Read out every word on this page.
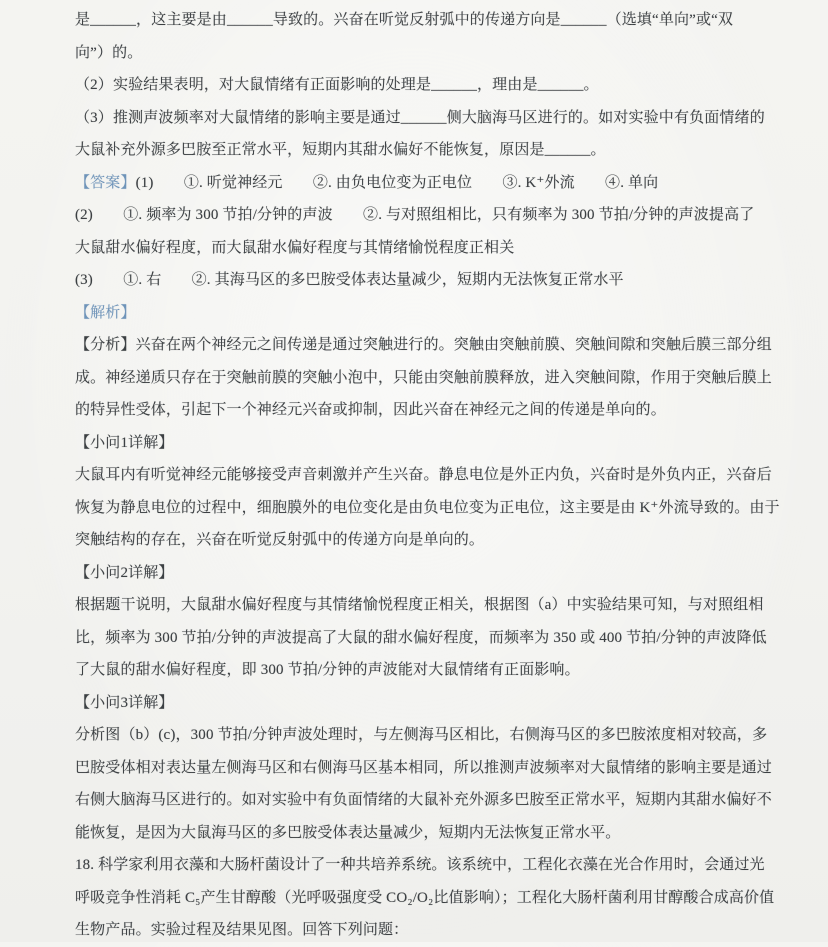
是______，这主要是由______导致的。兴奋在听觉反射弧中的传递方向是______（选填“单向”或“双
向”）的。
（2）实验结果表明，对大鼠情绪有正面影响的处理是______，理由是______。
（3）推测声波频率对大鼠情绪的影响主要是通过______侧大脑海马区进行的。如对实验中有负面情绪的
大鼠补充外源多巴胺至正常水平，短期内其甜水偏好不能恢复，原因是______。
【答案】(1)　　①. 听觉神经元　　②. 由负电位变为正电位　　③. K⁺外流　　④. 单向
(2)　　①. 频率为 300 节拍/分钟的声波　　②. 与对照组相比，只有频率为 300 节拍/分钟的声波提高了
大鼠甜水偏好程度，而大鼠甜水偏好程度与其情绪愉悦程度正相关
(3)　　①. 右　　②. 其海马区的多巴胺受体表达量减少，短期内无法恢复正常水平
【解析】
【分析】兴奋在两个神经元之间传递是通过突触进行的。突触由突触前膜、突触间隙和突触后膜三部分组
成。神经递质只存在于突触前膜的突触小泡中，只能由突触前膜释放，进入突触间隙，作用于突触后膜上
的特异性受体，引起下一个神经元兴奋或抑制，因此兴奋在神经元之间的传递是单向的。
【小问1详解】
大鼠耳内有听觉神经元能够接受声音刺激并产生兴奋。静息电位是外正内负，兴奋时是外负内正，兴奋后
恢复为静息电位的过程中，细胞膜外的电位变化是由负电位变为正电位，这主要是由 K⁺外流导致的。由于
突触结构的存在，兴奋在听觉反射弧中的传递方向是单向的。
【小问2详解】
根据题干说明，大鼠甜水偏好程度与其情绪愉悦程度正相关，根据图（a）中实验结果可知，与对照组相
比，频率为 300 节拍/分钟的声波提高了大鼠的甜水偏好程度，而频率为 350 或 400 节拍/分钟的声波降低
了大鼠的甜水偏好程度，即 300 节拍/分钟的声波能对大鼠情绪有正面影响。
【小问3详解】
分析图（b）(c)，300 节拍/分钟声波处理时，与左侧海马区相比，右侧海马区的多巴胺浓度相对较高，多
巴胺受体相对表达量左侧海马区和右侧海马区基本相同，所以推测声波频率对大鼠情绪的影响主要是通过
右侧大脑海马区进行的。如对实验中有负面情绪的大鼠补充外源多巴胺至正常水平，短期内其甜水偏好不
能恢复，是因为大鼠海马区的多巴胺受体表达量减少，短期内无法恢复正常水平。
18. 科学家利用衣藻和大肠杆菌设计了一种共培养系统。该系统中，工程化衣藻在光合作用时，会通过光
呼吸竞争性消耗 C₅产生甘醇酸（光呼吸强度受 CO₂/O₂比值影响）；工程化大肠杆菌利用甘醇酸合成高价值
生物产品。实验过程及结果见图。回答下列问题：
